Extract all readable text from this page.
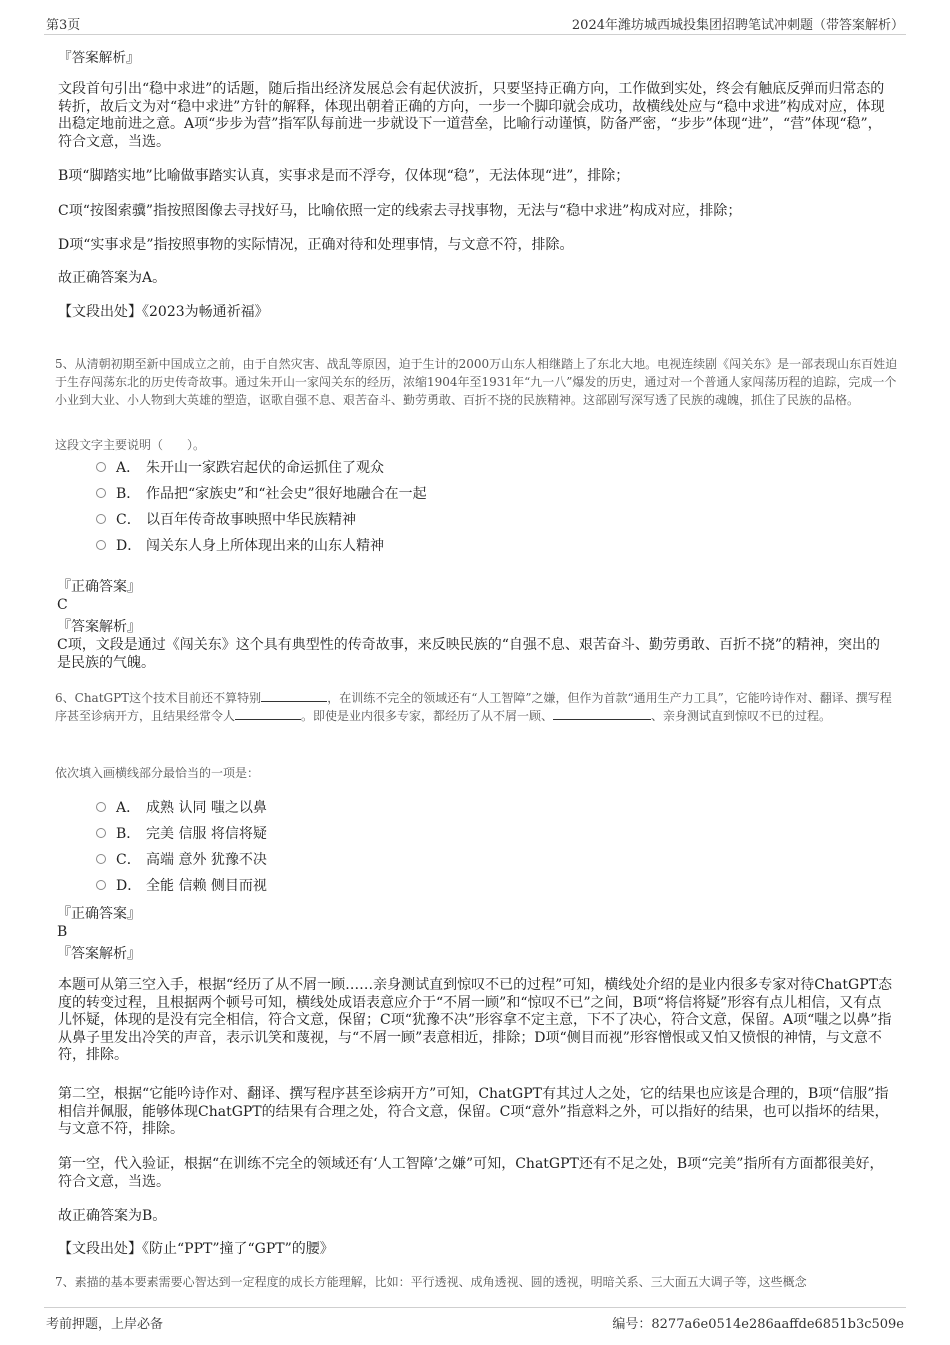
第3页	2024年潍坊城西城投集团招聘笔试冲刺题（带答案解析）
『答案解析』
文段首句引出“稳中求进”的话题，随后指出经济发展总会有起伏波折，只要坚持正确方向，工作做到实处，终会有触底反弹而归常态的转折，故后文为对“稳中求进”方针的解释，体现出朝着正确的方向，一步一个脚印就会成功，故横线处应与“稳中求进”构成对应，体现出稳定地前进之意。A项“步步为营”指军队每前进一步就设下一道营垒，比喻行动谨慎，防备严密，“步步”体现“进”，“营”体现“稳”，符合文意，当选。
B项“脚踏实地”比喻做事踏实认真，实事求是而不浮夸，仅体现“稳”，无法体现“进”，排除；
C项“按图索骥”指按照图像去寻找好马，比喻依照一定的线索去寻找事物，无法与“稳中求进”构成对应，排除；
D项“实事求是”指按照事物的实际情况，正确对待和处理事情，与文意不符，排除。
故正确答案为A。
【文段出处】《2023为畅通祈福》
5、从清朝初期至新中国成立之前，由于自然灾害、战乱等原因，迫于生计的2000万山东人相继踏上了东北大地。电视连续剧《闯关东》是一部表现山东百姓迫于生存闯荡东北的历史传奇故事。通过朱开山一家闯关东的经历，浓缩1904年至1931年“九一八”爆发的历史，通过对一个普通人家闯荡历程的追踪，完成一个小业到大业、小人物到大英雄的塑造，讴歌自强不息、艰苦奋斗、勤劳勇敢、百折不挠的民族精神。这部剧写深写透了民族的魂魄，抓住了民族的品格。
这段文字主要说明（　　）。
A． 朱开山一家跌宕起伏的命运抓住了观众
B． 作品把“家族史”和“社会史”很好地融合在一起
C． 以百年传奇故事映照中华民族精神
D． 闯关东人身上所体现出来的山东人精神
『正确答案』
C
『答案解析』
C项，文段是通过《闯关东》这个具有典型性的传奇故事，来反映民族的“自强不息、艰苦奋斗、勤劳勇敢、百折不挠”的精神，突出的是民族的气魄。
6、ChatGPT这个技术目前还不算特别	，在训练不完全的领域还有“人工智障”之嫌，但作为首款“通用生产力工具”，它能吟诗作对、翻译、撰写程序甚至诊病开方，且结果经常令人	。即使是业内很多专家，都经历了从不屑一顾、	、亲身测试直到惊叹不已的过程。
依次填入画横线部分最恰当的一项是：
A． 成熟 认同 嗤之以鼻
B． 完美 信服 将信将疑
C． 高端 意外 犹豫不决
D． 全能 信赖 侧目而视
『正确答案』
B
『答案解析』
本题可从第三空入手，根据“经历了从不屑一顾……亲身测试直到惊叹不已的过程”可知，横线处介绍的是业内很多专家对待ChatGPT态度的转变过程，且根据两个顿号可知，横线处成语表意应介于“不屑一顾”和“惊叹不已”之间，B项“将信将疑”形容有点儿相信，又有点儿怀疑，体现的是没有完全相信，符合文意，保留；C项“犹豫不决”形容拿不定主意，下不了决心，符合文意，保留。A项“嗤之以鼻”指从鼻子里发出冷笑的声音，表示讥笑和蔑视，与“不屑一顾”表意相近，排除；D项“侧目而视”形容憎恨或又怕又愤恨的神情，与文意不符，排除。
第二空，根据“它能吟诗作对、翻译、撰写程序甚至诊病开方”可知，ChatGPT有其过人之处，它的结果也应该是合理的，B项“信服”指相信并佩服，能够体现ChatGPT的结果有合理之处，符合文意，保留。C项“意外”指意料之外，可以指好的结果，也可以指坏的结果，与文意不符，排除。
第一空，代入验证，根据“在训练不完全的领域还有‘人工智障’之嫌”可知，ChatGPT还有不足之处，B项“完美”指所有方面都很美好，符合文意，当选。
故正确答案为B。
【文段出处】《防止“PPT”撞了“GPT”的腰》
7、素描的基本要素需要心智达到一定程度的成长方能理解，比如：平行透视、成角透视、圆的透视，明暗关系、三大面五大调子等，这些概念
考前押题，上岸必备	编号：8277a6e0514e286aaffde6851b3c509e
